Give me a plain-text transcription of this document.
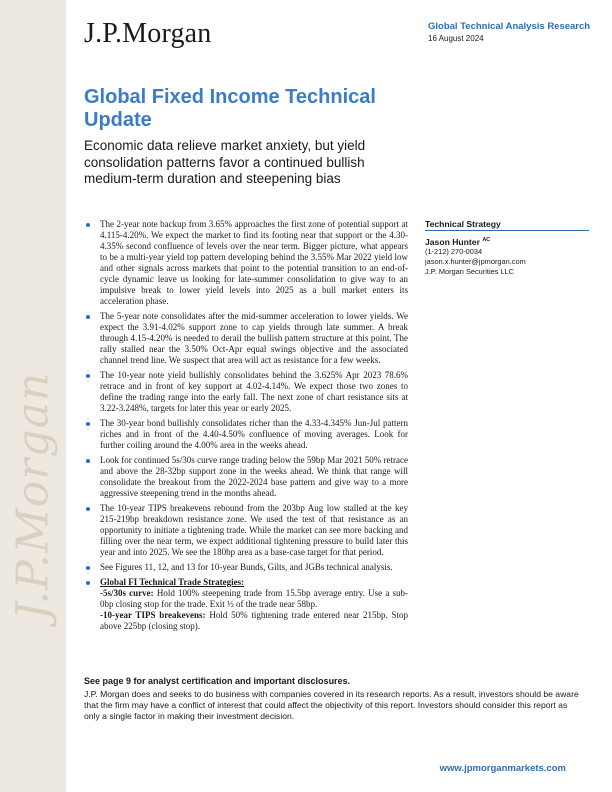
J.P.Morgan
J.P.Morgan	Global Technical Analysis Research
16 August 2024
Global Fixed Income Technical Update
Economic data relieve market anxiety, but yield consolidation patterns favor a continued bullish medium-term duration and steepening bias
The 2-year note backup from 3.65% approaches the first zone of potential support at 4.115-4.20%. We expect the market to find its footing near that support or the 4.30-4.35% second confluence of levels over the near term. Bigger picture, what appears to be a multi-year yield top pattern developing behind the 3.55% Mar 2022 yield low and other signals across markets that point to the potential transition to an end-of-cycle dynamic leave us looking for late-summer consolidation to give way to an impulsive break to lower yield levels into 2025 as a bull market enters its acceleration phase.
The 5-year note consolidates after the mid-summer acceleration to lower yields. We expect the 3.91-4.02% support zone to cap yields through late summer. A break through 4.15-4.20% is needed to derail the bullish pattern structure at this point. The rally stalled near the 3.50% Oct-Apr equal swings objective and the associated channel trend line. We suspect that area will act as resistance for a few weeks.
The 10-year note yield bullishly consolidates behind the 3.625% Apr 2023 78.6% retrace and in front of key support at 4.02-4.14%. We expect those two zones to define the trading range into the early fall. The next zone of chart resistance sits at 3.22-3.248%, targets for later this year or early 2025.
The 30-year bond bullishly consolidates richer than the 4.33-4.345% Jun-Jul pattern riches and in front of the 4.40-4.50% confluence of moving averages. Look for further coiling around the 4.00% area in the weeks ahead.
Look for continued 5s/30s curve range trading below the 59bp Mar 2021 50% retrace and above the 28-32bp support zone in the weeks ahead. We think that range will consolidate the breakout from the 2022-2024 base pattern and give way to a more aggressive steepening trend in the months ahead.
The 10-year TIPS breakevens rebound from the 203bp Aug low stalled at the key 215-219bp breakdown resistance zone. We used the test of that resistance as an opportunity to initiate a tightening trade. While the market can see more backing and filling over the near term, we expect additional tightening pressure to build later this year and into 2025. We see the 180bp area as a base-case target for that period.
See Figures 11, 12, and 13 for 10-year Bunds, Gilts, and JGBs technical analysis.
Global FI Technical Trade Strategies:
-5s/30s curve: Hold 100% steepening trade from 15.5bp average entry. Use a sub-0bp closing stop for the trade. Exit ½ of the trade near 58bp.
-10-year TIPS breakevens: Hold 50% tightening trade entered near 215bp. Stop above 225bp (closing stop).
Technical Strategy
Jason Hunter $^{AC}$
(1-212) 270-0034
jason.x.hunter@jpmorgan.com
J.P. Morgan Securities LLC
See page 9 for analyst certification and important disclosures.
J.P. Morgan does and seeks to do business with companies covered in its research reports. As a result, investors should be aware that the firm may have a conflict of interest that could affect the objectivity of this report. Investors should consider this report as only a single factor in making their investment decision.
www.jpmorganmarkets.com
